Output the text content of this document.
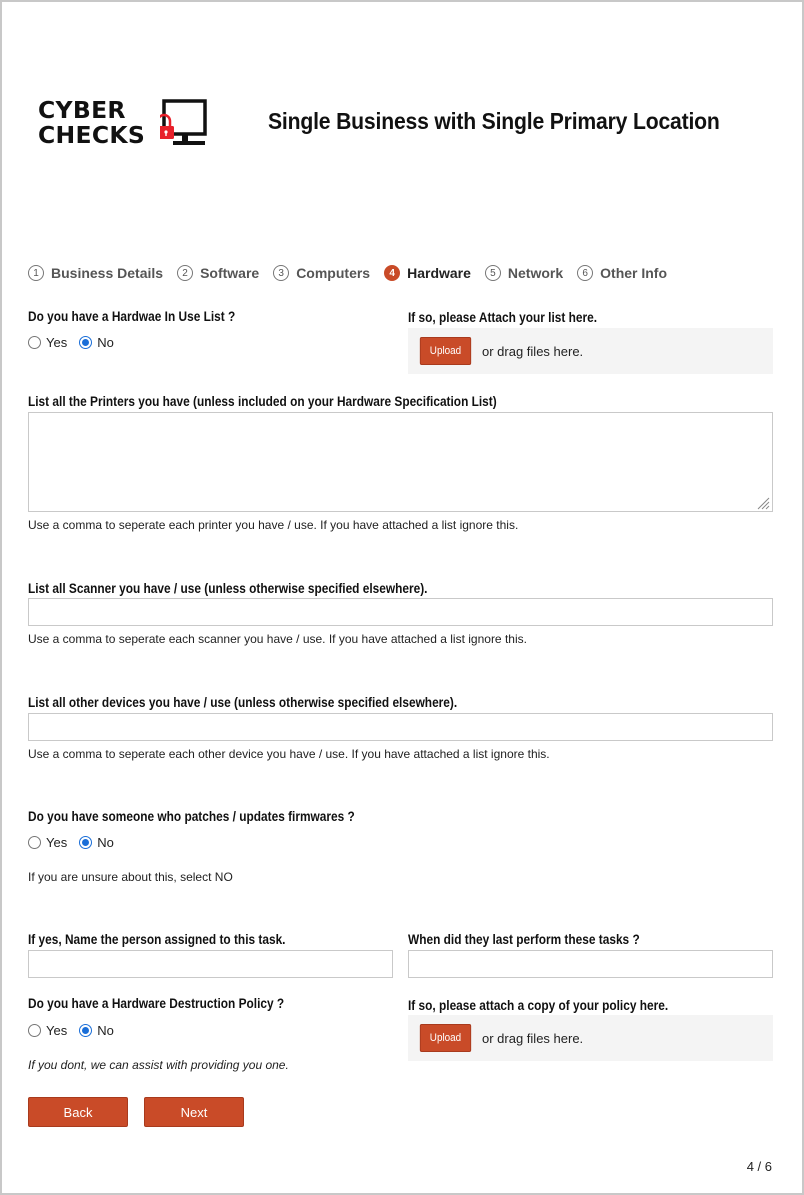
CYBER
CHECKS	Single Business with Single Primary Location
1 Business Details	2 Software	3 Computers	4 Hardware	5 Network	6 Other Info
Do you have a Hardwae In Use List ?
Yes No
If so, please Attach your list here.
Upload	or drag files here.
List all the Printers you have (unless included on your Hardware Specification List)
Use a comma to seperate each printer you have / use. If you have attached a list ignore this.
List all Scanner you have / use (unless otherwise specified elsewhere).
Use a comma to seperate each scanner you have / use. If you have attached a list ignore this.
List all other devices you have / use (unless otherwise specified elsewhere).
Use a comma to seperate each other device you have / use. If you have attached a list ignore this.
Do you have someone who patches / updates firmwares ?
Yes No
If you are unsure about this, select NO
If yes, Name the person assigned to this task.	When did they last perform these tasks ?
Do you have a Hardware Destruction Policy ?
Yes No
If you dont, we can assist with providing you one.
If so, please attach a copy of your policy here.
Upload	or drag files here.
Back	Next
4 / 6
